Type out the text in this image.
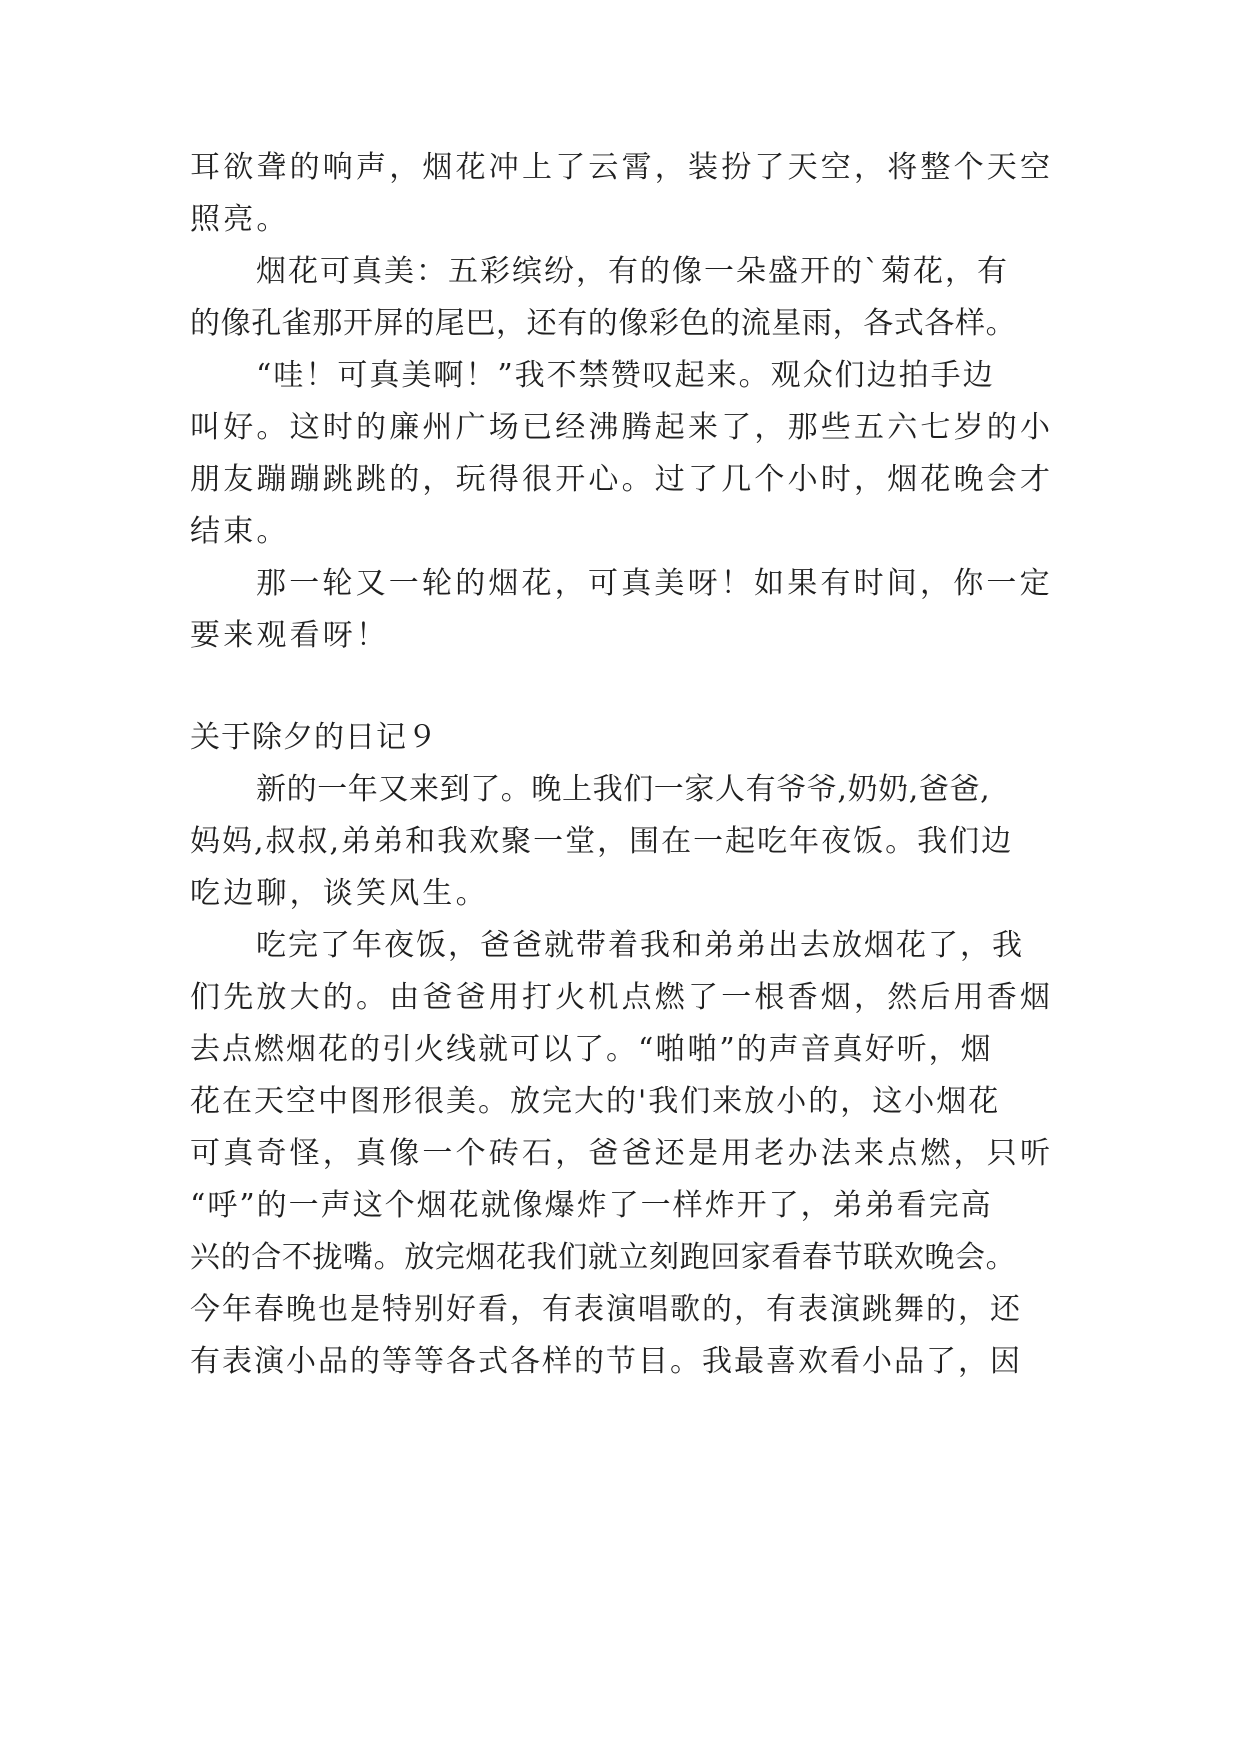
耳欲聋的响声，烟花冲上了云霄，装扮了天空，将整个天空
照亮。
烟花可真美：五彩缤纷，有的像一朵盛开的`菊花，有
的像孔雀那开屏的尾巴，还有的像彩色的流星雨，各式各样。
“哇！可真美啊！”我不禁赞叹起来。观众们边拍手边
叫好。这时的廉州广场已经沸腾起来了，那些五六七岁的小
朋友蹦蹦跳跳的，玩得很开心。过了几个小时，烟花晚会才
结束。
那一轮又一轮的烟花，可真美呀！如果有时间，你一定
要来观看呀！
关于除夕的日记９
新的一年又来到了。晚上我们一家人有爷爷,奶奶,爸爸,
妈妈,叔叔,弟弟和我欢聚一堂，围在一起吃年夜饭。我们边
吃边聊，谈笑风生。
吃完了年夜饭，爸爸就带着我和弟弟出去放烟花了，我
们先放大的。由爸爸用打火机点燃了一根香烟，然后用香烟
去点燃烟花的引火线就可以了。“啪啪”的声音真好听，烟
花在天空中图形很美。放完大的'我们来放小的，这小烟花
可真奇怪，真像一个砖石，爸爸还是用老办法来点燃，只听
“呼”的一声这个烟花就像爆炸了一样炸开了，弟弟看完高
兴的合不拢嘴。放完烟花我们就立刻跑回家看春节联欢晚会。
今年春晚也是特别好看，有表演唱歌的，有表演跳舞的，还
有表演小品的等等各式各样的节目。我最喜欢看小品了，因
